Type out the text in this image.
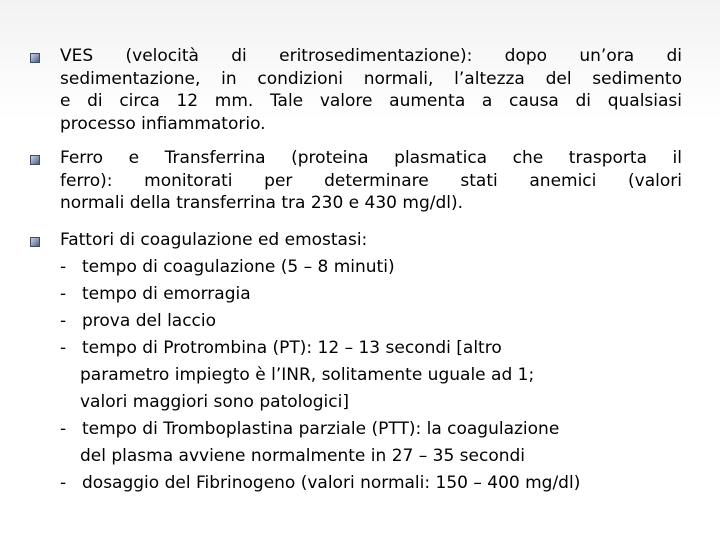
VES (velocità di eritrosedimentazione): dopo un’ora di
sedimentazione, in condizioni normali, l’altezza del sedimento
e di circa 12 mm. Tale valore aumenta a causa di qualsiasi
processo infiammatorio.
Ferro e Transferrina (proteina plasmatica che trasporta il
ferro): monitorati per determinare stati anemici (valori
normali della transferrina tra 230 e 430 mg/dl).
Fattori di coagulazione ed emostasi:
- tempo di coagulazione (5 – 8 minuti)
- tempo di emorragia
- prova del laccio
- tempo di Protrombina (PT): 12 – 13 secondi [altro
parametro impiegto è l’INR, solitamente uguale ad 1;
valori maggiori sono patologici]
- tempo di Tromboplastina parziale (PTT): la coagulazione
del plasma avviene normalmente in 27 – 35 secondi
- dosaggio del Fibrinogeno (valori normali: 150 – 400 mg/dl)
